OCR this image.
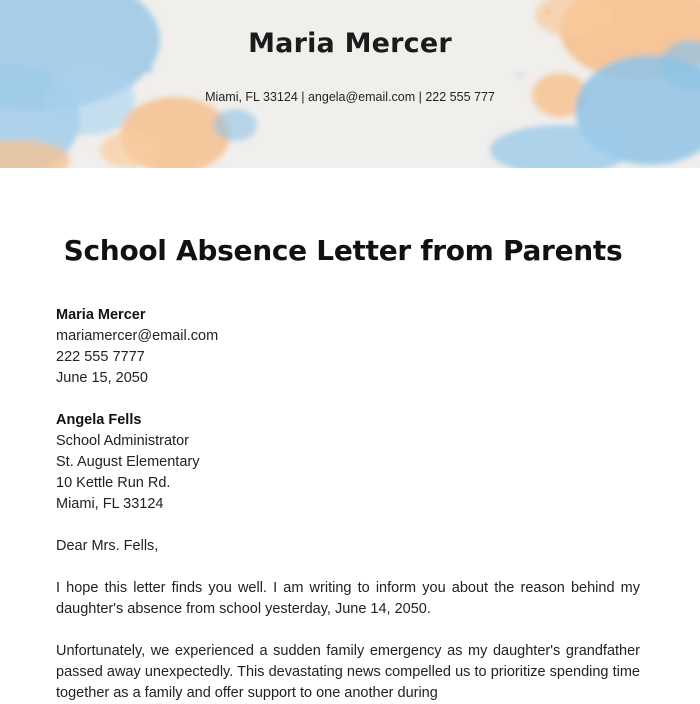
Maria Mercer
Miami, FL 33124 | angela@email.com | 222 555 777
School Absence Letter from Parents
Maria Mercer
mariamercer@email.com
222 555 7777
June 15, 2050
Angela Fells
School Administrator
St. August Elementary
10 Kettle Run Rd.
Miami, FL 33124
Dear Mrs. Fells,

I hope this letter finds you well. I am writing to inform you about the reason behind my daughter's absence from school yesterday, June 14, 2050.

Unfortunately, we experienced a sudden family emergency as my daughter's grandfather passed away unexpectedly. This devastating news compelled us to prioritize spending time together as a family and offer support to one another during
